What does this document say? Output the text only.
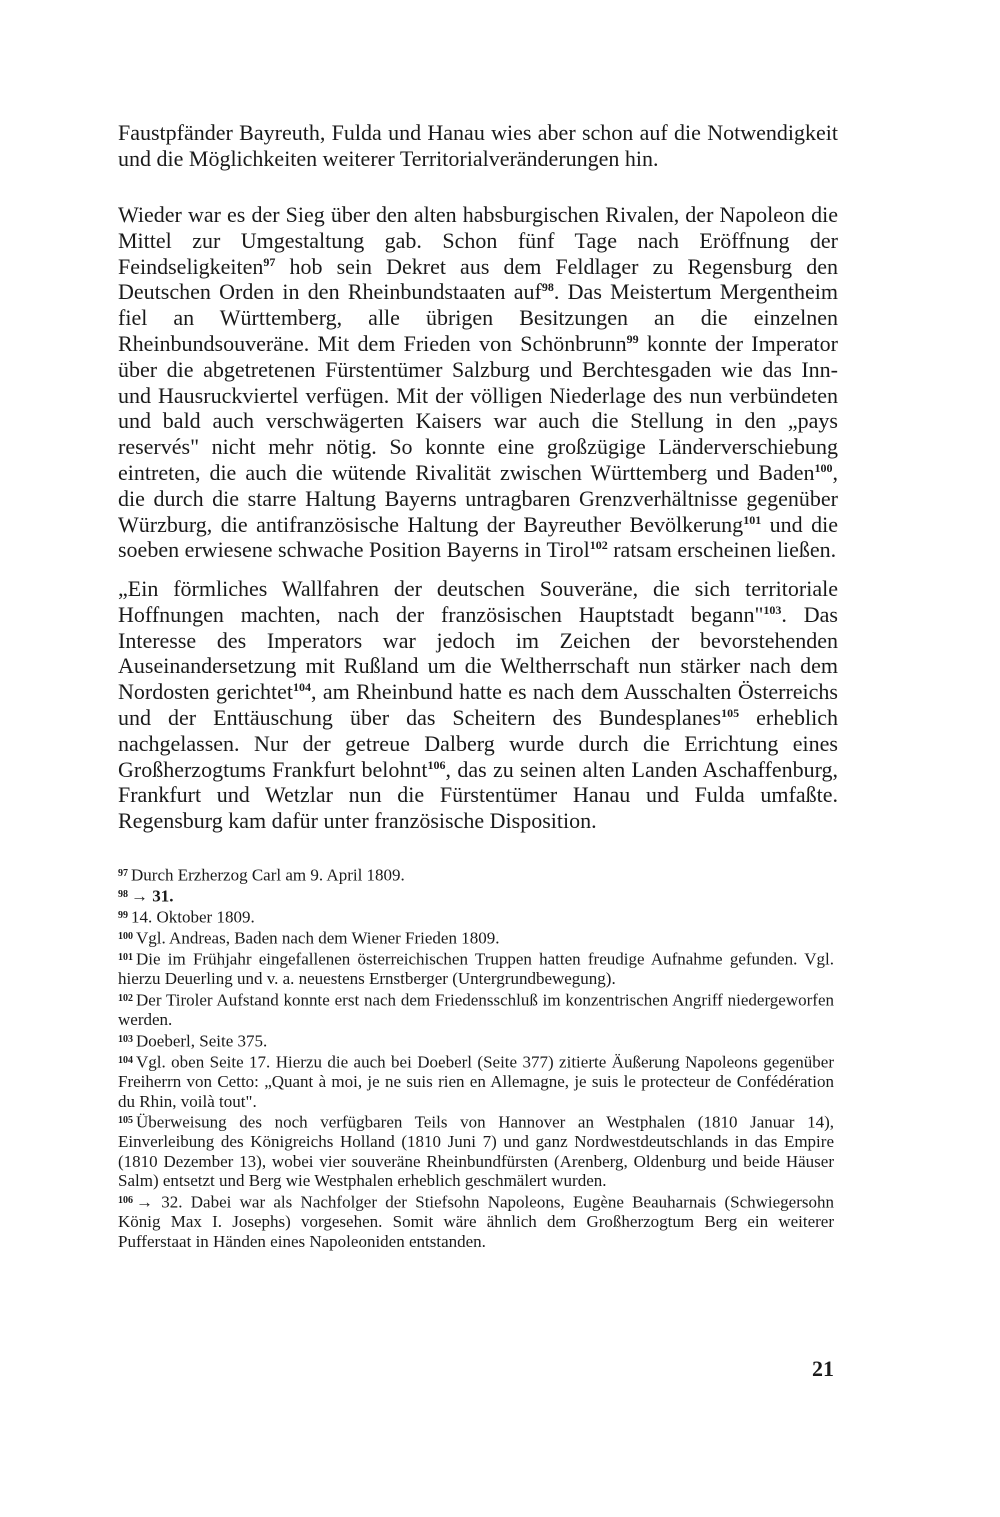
Faustpfänder Bayreuth, Fulda und Hanau wies aber schon auf die Notwendigkeit und die Möglichkeiten weiterer Territorialveränderungen hin.

Wieder war es der Sieg über den alten habsburgischen Rivalen, der Napoleon die Mittel zur Umgestaltung gab. Schon fünf Tage nach Eröffnung der Feindseligkeiten$^{97}$ hob sein Dekret aus dem Feldlager zu Regensburg den Deutschen Orden in den Rheinbundstaaten auf$^{98}$. Das Meistertum Mergentheim fiel an Württemberg, alle übrigen Besitzungen an die einzelnen Rheinbundsouveräne. Mit dem Frieden von Schönbrunn$^{99}$ konnte der Imperator über die abgetretenen Fürstentümer Salzburg und Berchtesgaden wie das Inn- und Hausruckviertel verfügen. Mit der völligen Niederlage des nun verbündeten und bald auch verschwägerten Kaisers war auch die Stellung in den „pays reservés" nicht mehr nötig. So konnte eine großzügige Länderverschiebung eintreten, die auch die wütende Rivalität zwischen Württemberg und Baden$^{100}$, die durch die starre Haltung Bayerns untragbaren Grenzverhältnisse gegenüber Würzburg, die antifranzösische Haltung der Bayreuther Bevölkerung$^{101}$ und die soeben erwiesene schwache Position Bayerns in Tirol$^{102}$ ratsam erscheinen ließen.

„Ein förmliches Wallfahren der deutschen Souveräne, die sich territoriale Hoffnungen machten, nach der französischen Hauptstadt begann"$^{103}$. Das Interesse des Imperators war jedoch im Zeichen der bevorstehenden Auseinandersetzung mit Rußland um die Weltherrschaft nun stärker nach dem Nordosten gerichtet$^{104}$, am Rheinbund hatte es nach dem Ausschalten Österreichs und der Enttäuschung über das Scheitern des Bundesplanes$^{105}$ erheblich nachgelassen. Nur der getreue Dalberg wurde durch die Errichtung eines Großherzogtums Frankfurt belohnt$^{106}$, das zu seinen alten Landen Aschaffenburg, Frankfurt und Wetzlar nun die Fürstentümer Hanau und Fulda umfaßte. Regensburg kam dafür unter französische Disposition.

$^{97}$ Durch Erzherzog Carl am 9. April 1809.

$^{98}$ → 31.

$^{99}$ 14. Oktober 1809.

$^{100}$ Vgl. Andreas, Baden nach dem Wiener Frieden 1809.

$^{101}$ Die im Frühjahr eingefallenen österreichischen Truppen hatten freudige Aufnahme gefunden. Vgl. hierzu Deuerling und v. a. neuestens Ernstberger (Untergrundbewegung).

$^{102}$ Der Tiroler Aufstand konnte erst nach dem Friedensschluß im konzentrischen Angriff niedergeworfen werden.

$^{103}$ Doeberl, Seite 375.

$^{104}$ Vgl. oben Seite 17. Hierzu die auch bei Doeberl (Seite 377) zitierte Äußerung Napoleons gegenüber Freiherrn von Cetto: „Quant à moi, je ne suis rien en Allemagne, je suis le protecteur de Confédération du Rhin, voilà tout".

$^{105}$ Überweisung des noch verfügbaren Teils von Hannover an Westphalen (1810 Januar 14), Einverleibung des Königreichs Holland (1810 Juni 7) und ganz Nordwestdeutschlands in das Empire (1810 Dezember 13), wobei vier souveräne Rheinbundfürsten (Arenberg, Oldenburg und beide Häuser Salm) entsetzt und Berg wie Westphalen erheblich geschmälert wurden.

$^{106}$ → 32. Dabei war als Nachfolger der Stiefsohn Napoleons, Eugène Beauharnais (Schwiegersohn König Max I. Josephs) vorgesehen. Somit wäre ähnlich dem Großherzogtum Berg ein weiterer Pufferstaat in Händen eines Napoleoniden entstanden.

21
